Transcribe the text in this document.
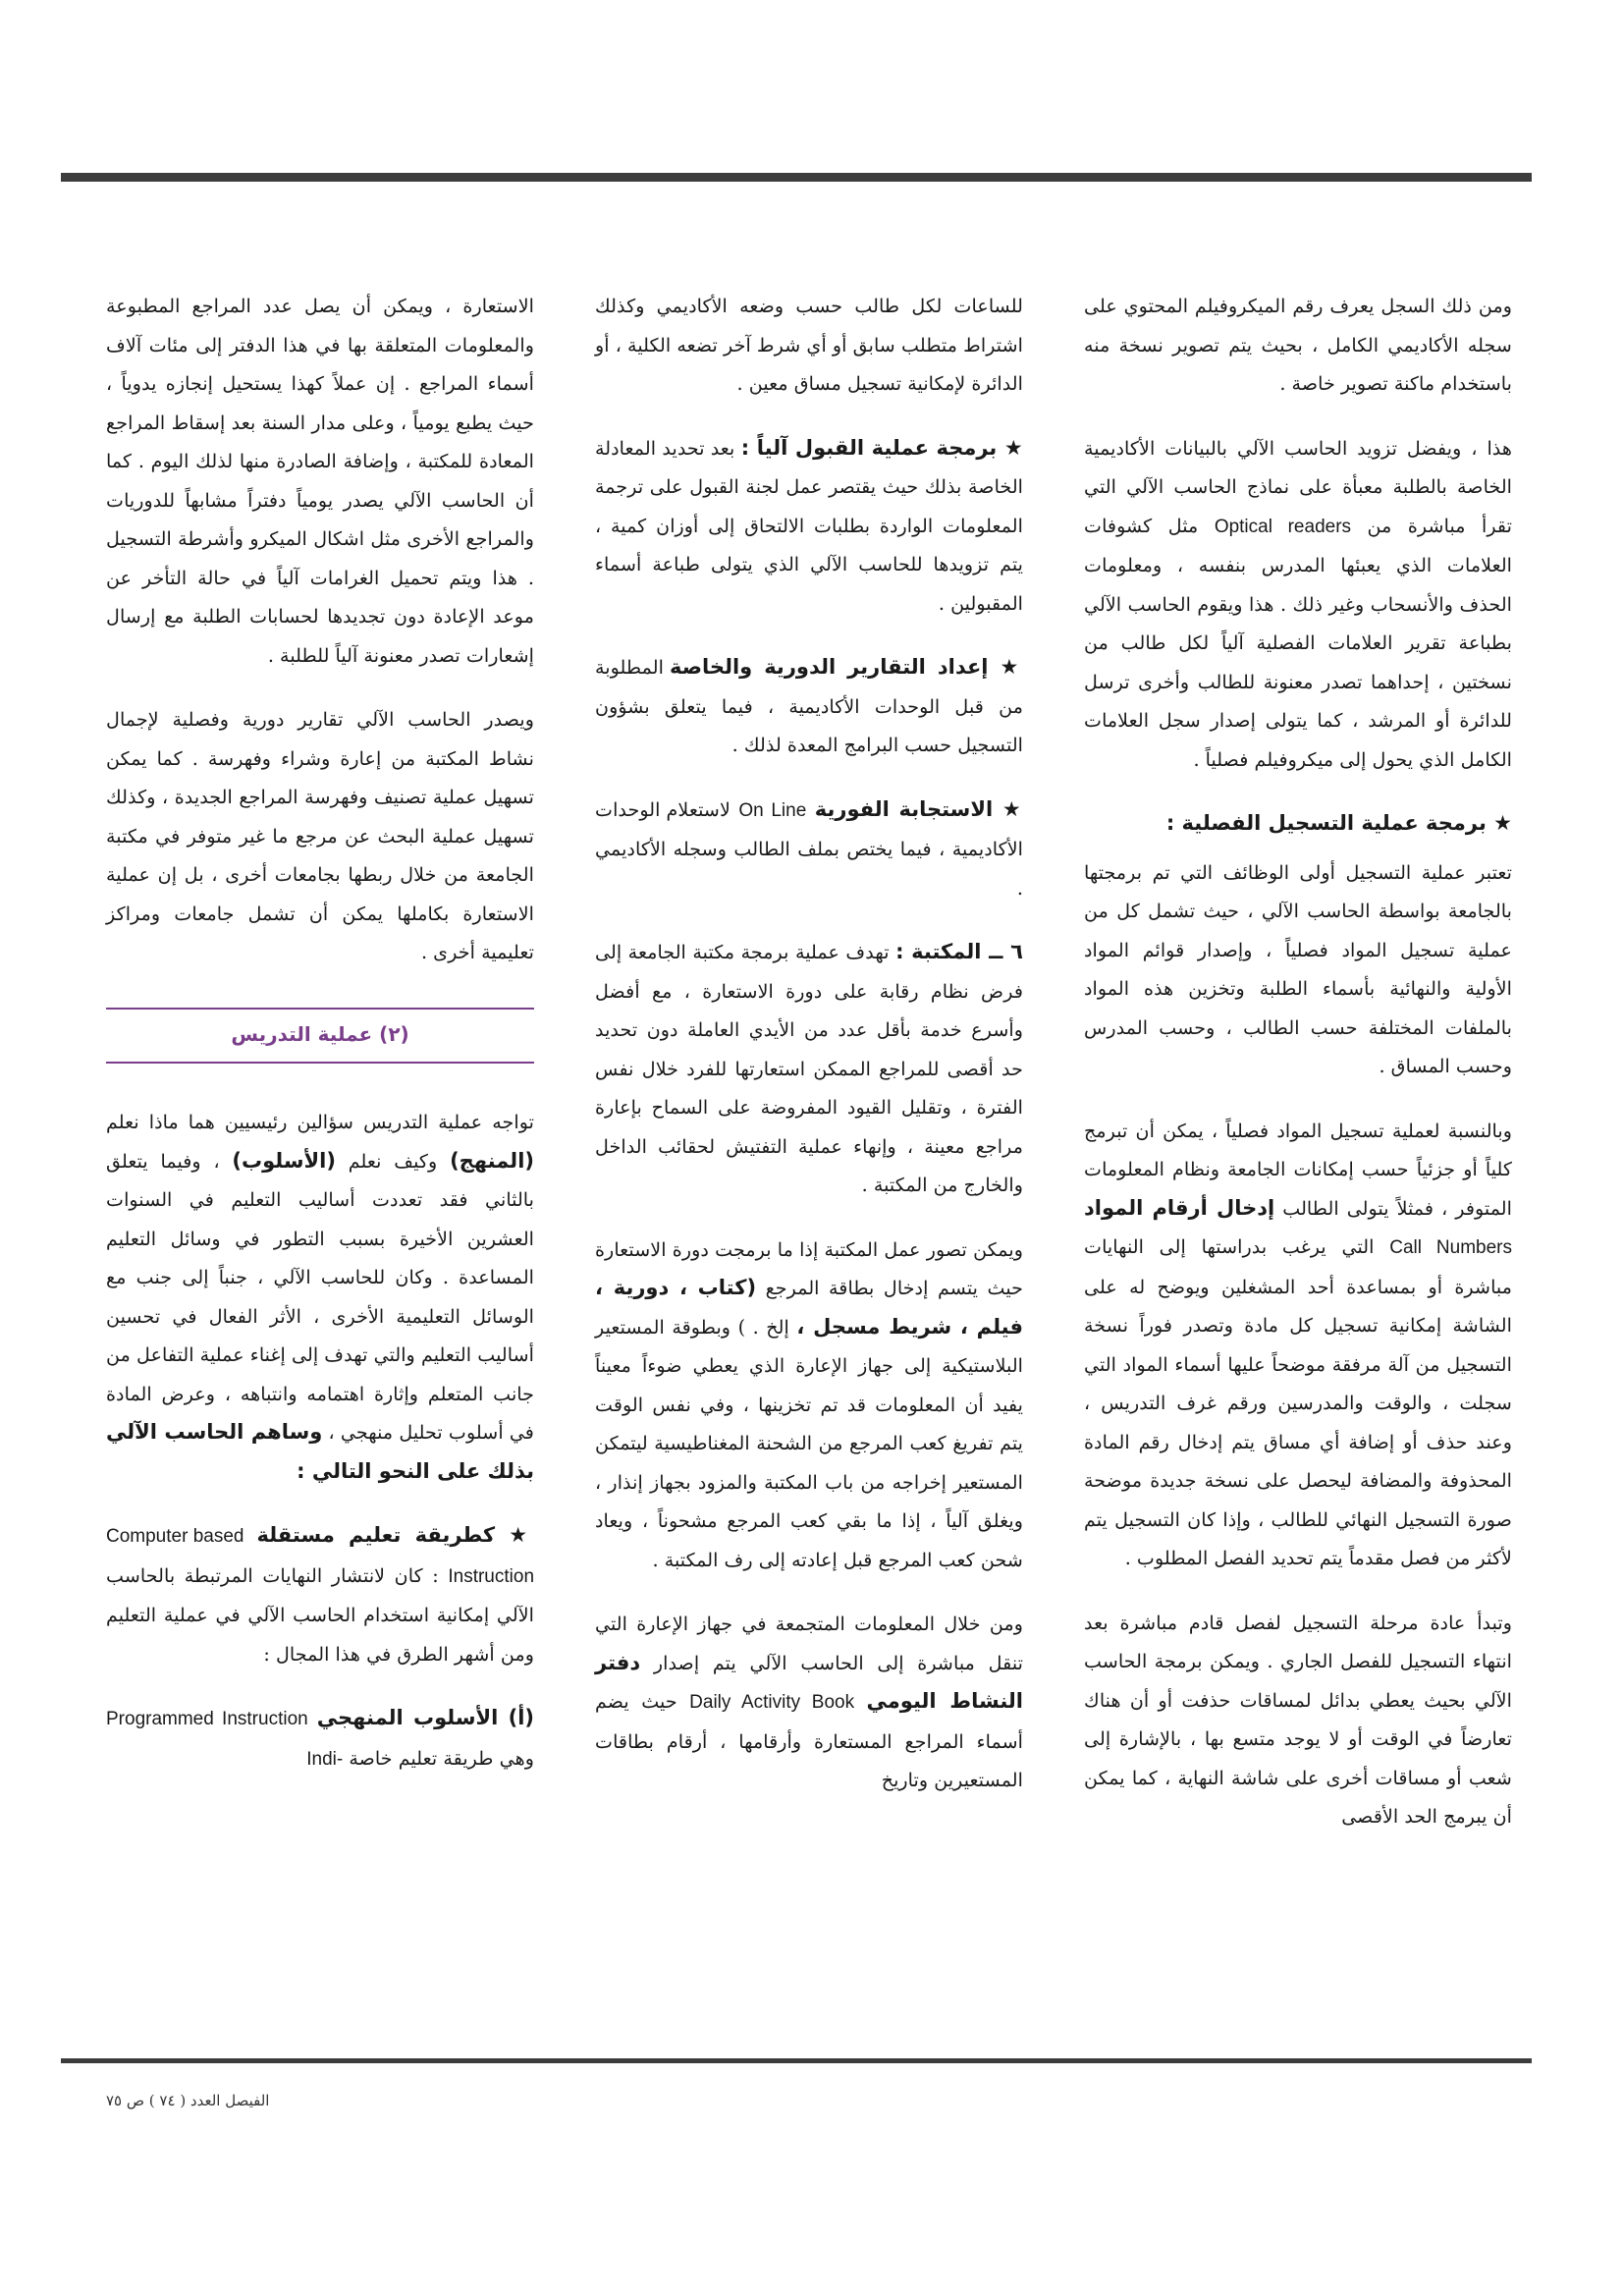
ومن ذلك السجل يعرف رقم الميكروفيلم المحتوي على سجله الأكاديمي الكامل ، بحيث يتم تصوير نسخة منه باستخدام ماكنة تصوير خاصة .

هذا ، ويفضل تزويد الحاسب الآلي بالبيانات الأكاديمية الخاصة بالطلبة معبأة على نماذج الحاسب الآلي التي تقرأ مباشرة من Optical readers مثل كشوفات العلامات الذي يعبئها المدرس بنفسه ، ومعلومات الحذف والأنسحاب وغير ذلك . هذا ويقوم الحاسب الآلي بطباعة تقرير العلامات الفصلية آلياً لكل طالب من نسختين ، إحداهما تصدر معنونة للطالب وأخرى ترسل للدائرة أو المرشد ، كما يتولى إصدار سجل العلامات الكامل الذي يحول إلى ميكروفيلم فصلياً .

★ برمجة عملية التسجيل الفصلية :

تعتبر عملية التسجيل أولى الوظائف التي تم برمجتها بالجامعة بواسطة الحاسب الآلي ، حيث تشمل كل من عملية تسجيل المواد فصلياً ، وإصدار قوائم المواد الأولية والنهائية بأسماء الطلبة وتخزين هذه المواد بالملفات المختلفة حسب الطالب ، وحسب المدرس وحسب المساق .

وبالنسبة لعملية تسجيل المواد فصلياً ، يمكن أن تبرمج كلياً أو جزئياً حسب إمكانات الجامعة ونظام المعلومات المتوفر ، فمثلاً يتولى الطالب إدخال أرقام المواد Call Numbers التي يرغب بدراستها إلى النهايات مباشرة أو بمساعدة أحد المشغلين ويوضح له على الشاشة إمكانية تسجيل كل مادة وتصدر فوراً نسخة التسجيل من آلة مرفقة موضحاً عليها أسماء المواد التي سجلت ، والوقت والمدرسين ورقم غرف التدريس ، وعند حذف أو إضافة أي مساق يتم إدخال رقم المادة المحذوفة والمضافة ليحصل على نسخة جديدة موضحة صورة التسجيل النهائي للطالب ، وإذا كان التسجيل يتم لأكثر من فصل مقدماً يتم تحديد الفصل المطلوب .

وتبدأ عادة مرحلة التسجيل لفصل قادم مباشرة بعد انتهاء التسجيل للفصل الجاري . ويمكن برمجة الحاسب الآلي بحيث يعطي بدائل لمساقات حذفت أو أن هناك تعارضاً في الوقت أو لا يوجد متسع بها ، بالإشارة إلى شعب أو مساقات أخرى على شاشة النهاية ، كما يمكن أن يبرمج الحد الأقصى

للساعات لكل طالب حسب وضعه الأكاديمي وكذلك اشتراط متطلب سابق أو أي شرط آخر تضعه الكلية ، أو الدائرة لإمكانية تسجيل مساق معين .

★ برمجة عملية القبول آلياً : بعد تحديد المعادلة الخاصة بذلك حيث يقتصر عمل لجنة القبول على ترجمة المعلومات الواردة بطلبات الالتحاق إلى أوزان كمية ، يتم تزويدها للحاسب الآلي الذي يتولى طباعة أسماء المقبولين .

★ إعداد التقارير الدورية والخاصة المطلوبة من قبل الوحدات الأكاديمية ، فيما يتعلق بشؤون التسجيل حسب البرامج المعدة لذلك .

★ الاستجابة الفورية On Line لاستعلام الوحدات الأكاديمية ، فيما يختص بملف الطالب وسجله الأكاديمي .

٦ ــ المكتبة : تهدف عملية برمجة مكتبة الجامعة إلى فرض نظام رقابة على دورة الاستعارة ، مع أفضل وأسرع خدمة بأقل عدد من الأيدي العاملة دون تحديد حد أقصى للمراجع الممكن استعارتها للفرد خلال نفس الفترة ، وتقليل القيود المفروضة على السماح بإعارة مراجع معينة ، وإنهاء عملية التفتيش لحقائب الداخل والخارج من المكتبة .

ويمكن تصور عمل المكتبة إذا ما برمجت دورة الاستعارة حيث يتسم إدخال بطاقة المرجع (كتاب ، دورية ، فيلم ، شريط مسجل ، إلخ . ) وبطوقة المستعير البلاستيكية إلى جهاز الإعارة الذي يعطي ضوءاً معيناً يفيد أن المعلومات قد تم تخزينها ، وفي نفس الوقت يتم تفريغ كعب المرجع من الشحنة المغناطيسية ليتمكن المستعير إخراجه من باب المكتبة والمزود بجهاز إنذار ، ويغلق آلياً ، إذا ما بقي كعب المرجع مشحوناً ، ويعاد شحن كعب المرجع قبل إعادته إلى رف المكتبة .

ومن خلال المعلومات المتجمعة في جهاز الإعارة التي تنقل مباشرة إلى الحاسب الآلي يتم إصدار دفتر النشاط اليومي Daily Activity Book حيث يضم أسماء المراجع المستعارة وأرقامها ، أرقام بطاقات المستعيرين وتاريخ

الاستعارة ، ويمكن أن يصل عدد المراجع المطبوعة والمعلومات المتعلقة بها في هذا الدفتر إلى مئات آلاف أسماء المراجع . إن عملاً كهذا يستحيل إنجازه يدوياً ، حيث يطبع يومياً ، وعلى مدار السنة بعد إسقاط المراجع المعادة للمكتبة ، وإضافة الصادرة منها لذلك اليوم . كما أن الحاسب الآلي يصدر يومياً دفتراً مشابهاً للدوريات والمراجع الأخرى مثل اشكال الميكرو وأشرطة التسجيل . هذا ويتم تحميل الغرامات آلياً في حالة التأخر عن موعد الإعادة دون تجديدها لحسابات الطلبة مع إرسال إشعارات تصدر معنونة آلياً للطلبة .

ويصدر الحاسب الآلي تقارير دورية وفصلية لإجمال نشاط المكتبة من إعارة وشراء وفهرسة . كما يمكن تسهيل عملية تصنيف وفهرسة المراجع الجديدة ، وكذلك تسهيل عملية البحث عن مرجع ما غير متوفر في مكتبة الجامعة من خلال ربطها بجامعات أخرى ، بل إن عملية الاستعارة بكاملها يمكن أن تشمل جامعات ومراكز تعليمية أخرى .

(٢) عملية التدريس

تواجه عملية التدريس سؤالين رئيسيين هما ماذا نعلم (المنهج) وكيف نعلم (الأسلوب) ، وفيما يتعلق بالثاني فقد تعددت أساليب التعليم في السنوات العشرين الأخيرة بسبب التطور في وسائل التعليم المساعدة . وكان للحاسب الآلي ، جنباً إلى جنب مع الوسائل التعليمية الأخرى ، الأثر الفعال في تحسين أساليب التعليم والتي تهدف إلى إغناء عملية التفاعل من جانب المتعلم وإثارة اهتمامه وانتباهه ، وعرض المادة في أسلوب تحليل منهجي ، وساهم الحاسب الآلي بذلك على النحو التالي :

★ كطريقة تعليم مستقلة Computer based Instruction : كان لانتشار النهايات المرتبطة بالحاسب الآلي إمكانية استخدام الحاسب الآلي في عملية التعليم ومن أشهر الطرق في هذا المجال :

(أ) الأسلوب المنهجي Programmed Instruction وهي طريقة تعليم خاصة Indi-

الفيصل العدد ( ٧٤ ) ص ٧٥
